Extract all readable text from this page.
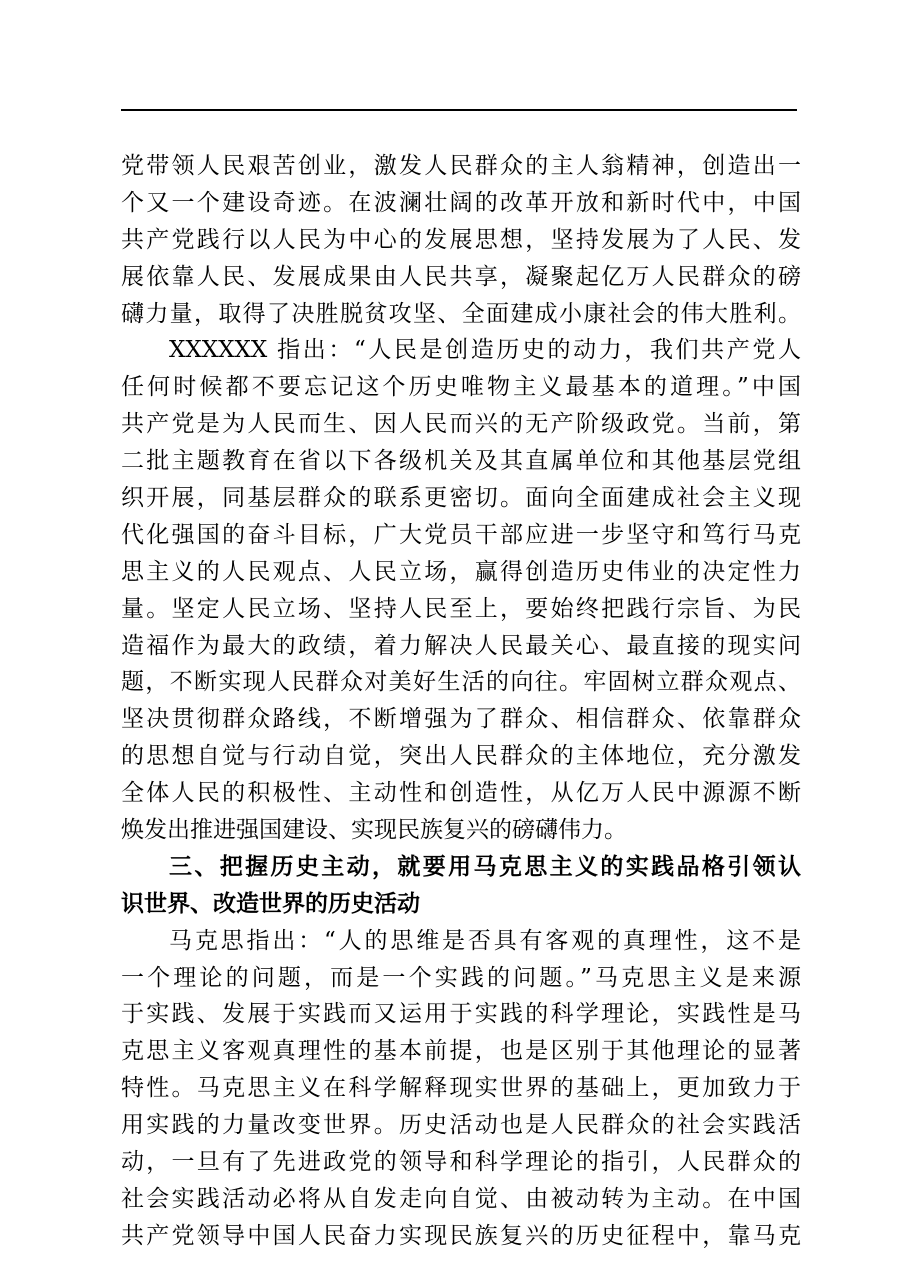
党带领人民艰苦创业，激发人民群众的主人翁精神，创造出一
个又一个建设奇迹。在波澜壮阔的改革开放和新时代中，中国
共产党践行以人民为中心的发展思想，坚持发展为了人民、发
展依靠人民、发展成果由人民共享，凝聚起亿万人民群众的磅
礴力量，取得了决胜脱贫攻坚、全面建成小康社会的伟大胜利。
XXXXXX 指出：“人民是创造历史的动力，我们共产党人
任何时候都不要忘记这个历史唯物主义最基本的道理。”中国
共产党是为人民而生、因人民而兴的无产阶级政党。当前，第
二批主题教育在省以下各级机关及其直属单位和其他基层党组
织开展，同基层群众的联系更密切。面向全面建成社会主义现
代化强国的奋斗目标，广大党员干部应进一步坚守和笃行马克
思主义的人民观点、人民立场，赢得创造历史伟业的决定性力
量。坚定人民立场、坚持人民至上，要始终把践行宗旨、为民
造福作为最大的政绩，着力解决人民最关心、最直接的现实问
题，不断实现人民群众对美好生活的向往。牢固树立群众观点、
坚决贯彻群众路线，不断增强为了群众、相信群众、依靠群众
的思想自觉与行动自觉，突出人民群众的主体地位，充分激发
全体人民的积极性、主动性和创造性，从亿万人民中源源不断
焕发出推进强国建设、实现民族复兴的磅礴伟力。
三、把握历史主动，就要用马克思主义的实践品格引领认
识世界、改造世界的历史活动
马克思指出：“人的思维是否具有客观的真理性，这不是
一个理论的问题，而是一个实践的问题。”马克思主义是来源
于实践、发展于实践而又运用于实践的科学理论，实践性是马
克思主义客观真理性的基本前提，也是区别于其他理论的显著
特性。马克思主义在科学解释现实世界的基础上，更加致力于
用实践的力量改变世界。历史活动也是人民群众的社会实践活
动，一旦有了先进政党的领导和科学理论的指引，人民群众的
社会实践活动必将从自发走向自觉、由被动转为主动。在中国
共产党领导中国人民奋力实现民族复兴的历史征程中，靠马克
